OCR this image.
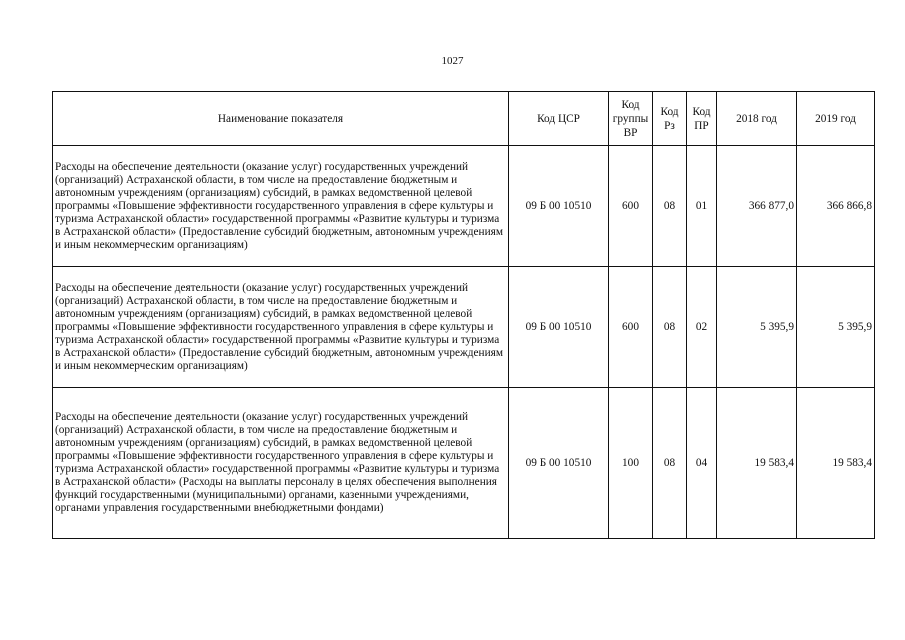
1027
Наименование показателя	Код ЦСР	Код группы ВР	Код Рз	Код ПР	2018 год	2019 год
Расходы на обеспечение деятельности (оказание услуг) государственных учреждений (организаций) Астраханской области, в том числе на предоставление бюджетным и автономным учреждениям (организациям) субсидий, в рамках ведомственной целевой программы «Повышение эффективности государственного управления в сфере культуры и туризма Астраханской области» государственной программы «Развитие культуры и туризма в Астраханской области» (Предоставление субсидий бюджетным, автономным учреждениям и иным некоммерческим организациям)	09 Б 00 10510	600	08	01	366 877,0	366 866,8
Расходы на обеспечение деятельности (оказание услуг) государственных учреждений (организаций) Астраханской области, в том числе на предоставление бюджетным и автономным учреждениям (организациям) субсидий, в рамках ведомственной целевой программы «Повышение эффективности государственного управления в сфере культуры и туризма Астраханской области» государственной программы «Развитие культуры и туризма в Астраханской области» (Предоставление субсидий бюджетным, автономным учреждениям и иным некоммерческим организациям)	09 Б 00 10510	600	08	02	5 395,9	5 395,9
Расходы на обеспечение деятельности (оказание услуг) государственных учреждений (организаций) Астраханской области, в том числе на предоставление бюджетным и автономным учреждениям (организациям) субсидий, в рамках ведомственной целевой программы «Повышение эффективности государственного управления в сфере культуры и туризма Астраханской области» государственной программы «Развитие культуры и туризма в Астраханской области» (Расходы на выплаты персоналу в целях обеспечения выполнения функций государственными (муниципальными) органами, казенными учреждениями, органами управления государственными внебюджетными фондами)	09 Б 00 10510	100	08	04	19 583,4	19 583,4
